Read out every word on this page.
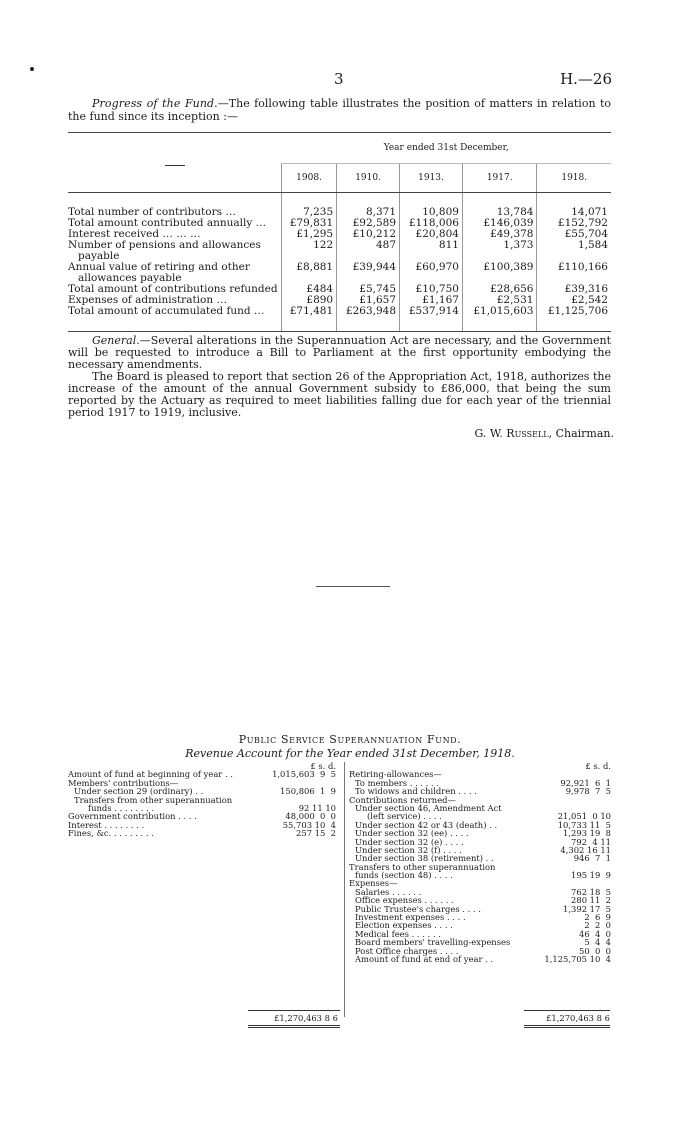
3	H.—26
Progress of the Fund.—The following table illustrates the position of matters in relation to the fund since its inception :—
	Year ended 31st December,				
	1908.	1910.	1913.	1917.	1918.

Total number of contributors …	7,235	8,371	10,809	13,784	14,071

Total amount contributed annually …	£79,831	£92,589	£118,006	£146,039	£152,792

Interest received … … …	£1,295	£10,212	£20,804	£49,378	£55,704

Number of pensions and allowances
payable	122	487	811	1,373	1,584

Annual value of retiring and other
allowances payable	£8,881	£39,944	£60,970	£100,389	£110,166

Total amount of contributions refunded	£484	£5,745	£10,750	£28,656	£39,316

Expenses of administration …	£890	£1,657	£1,167	£2,531	£2,542

Total amount of accumulated fund …	£71,481	£263,948	£537,914	£1,015,603	£1,125,706

General.—Several alterations in the Superannuation Act are necessary, and the Government will be requested to introduce a Bill to Parliament at the first opportunity embodying the necessary amendments.

The Board is pleased to report that section 26 of the Appropriation Act, 1918, authorizes the increase of the amount of the annual Government subsidy to £86,000, that being the sum reported by the Actuary as required to meet liabilities falling due for each year of the triennial period 1917 to 1919, inclusive.

G. W. Russell, Chairman.
Public Service Superannuation Fund.
Revenue Account for the Year ended 31st December, 1918.
£ s. d.
Amount of fund at beginning of year . .	1,015,603  9  5
Members' contributions—
Under section 29 (ordinary) . .	150,806  1  9
Transfers from other superannuation
funds . . . . . . . .	92 11 10
Government contribution . . . .	48,000  0  0
Interest . . . . . . . .	55,703 10  4
Fines, &c. . . . . . . . .	257 15  2
£ s. d.
Retiring-allowances—
To members . . . . . .	92,921  6  1
To widows and children . . . .	9,978  7  5
Contributions returned—
Under section 46, Amendment Act
(left service) . . . .	21,051  0 10
Under section 42 or 43 (death) . .	10,733 11  5
Under section 32 (ee) . . . .	1,293 19  8
Under section 32 (e) . . . .	792  4 11
Under section 32 (f) . . . .	4,302 16 11
Under section 38 (retirement) . .	946  7  1
Transfers to other superannuation
funds (section 48) . . . .	195 19  9
Expenses—
Salaries . . . . . .	762 18  5
Office expenses . . . . . .	280 11  2
Public Trustee's charges . . . .	1,392 17  5
Investment expenses . . . .	2  6  9
Election expenses . . . .	2  2  0
Medical fees . . . . . .	46  4  0
Board members' travelling-expenses	5  4  4
Post Office charges . . . .	50  0  0
Amount of fund at end of year . .	1,125,705 10  4
£1,270,463 8 6	£1,270,463 8 6
